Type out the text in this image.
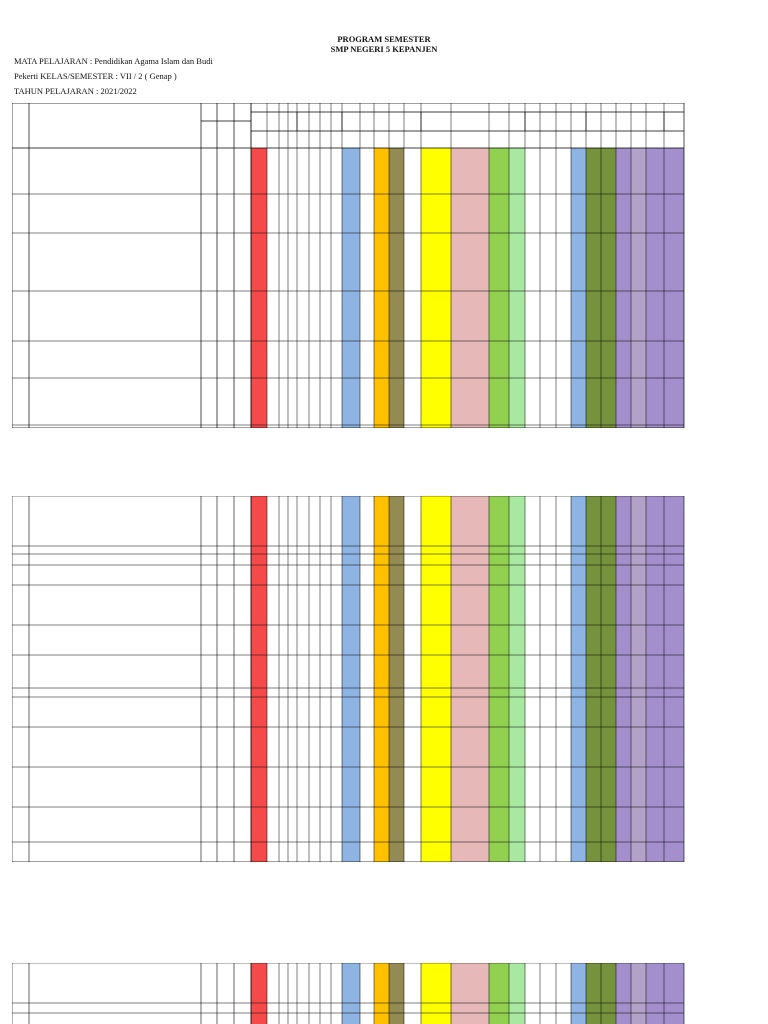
PROGRAM SEMESTER
SMP NEGERI 5 KEPANJEN
MATA PELAJARAN : Pendidikan Agama Islam dan Budi
Pekerti KELAS/SEMESTER : VII / 2 ( Genap )
TAHUN PELAJARAN : 2021/2022
